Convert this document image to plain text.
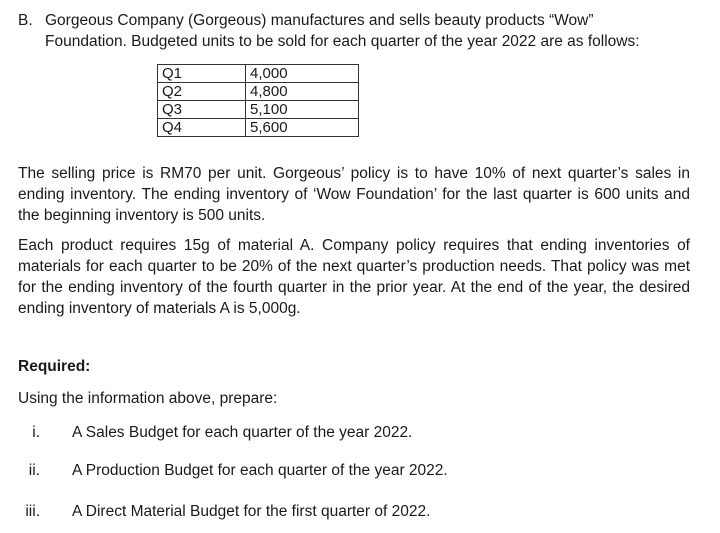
B. Gorgeous Company (Gorgeous) manufactures and sells beauty products “Wow”
Foundation. Budgeted units to be sold for each quarter of the year 2022 are as follows:
Q1	4,000
Q2	4,800
Q3	5,100
Q4	5,600
The selling price is RM70 per unit. Gorgeous’ policy is to have 10% of next quarter’s sales in ending inventory. The ending inventory of ‘Wow Foundation’ for the last quarter is 600 units and the beginning inventory is 500 units.
Each product requires 15g of material A. Company policy requires that ending inventories of materials for each quarter to be 20% of the next quarter’s production needs. That policy was met for the ending inventory of the fourth quarter in the prior year. At the end of the year, the desired ending inventory of materials A is 5,000g.
Required:
Using the information above, prepare:
i. A Sales Budget for each quarter of the year 2022.
ii. A Production Budget for each quarter of the year 2022.
iii. A Direct Material Budget for the first quarter of 2022.
